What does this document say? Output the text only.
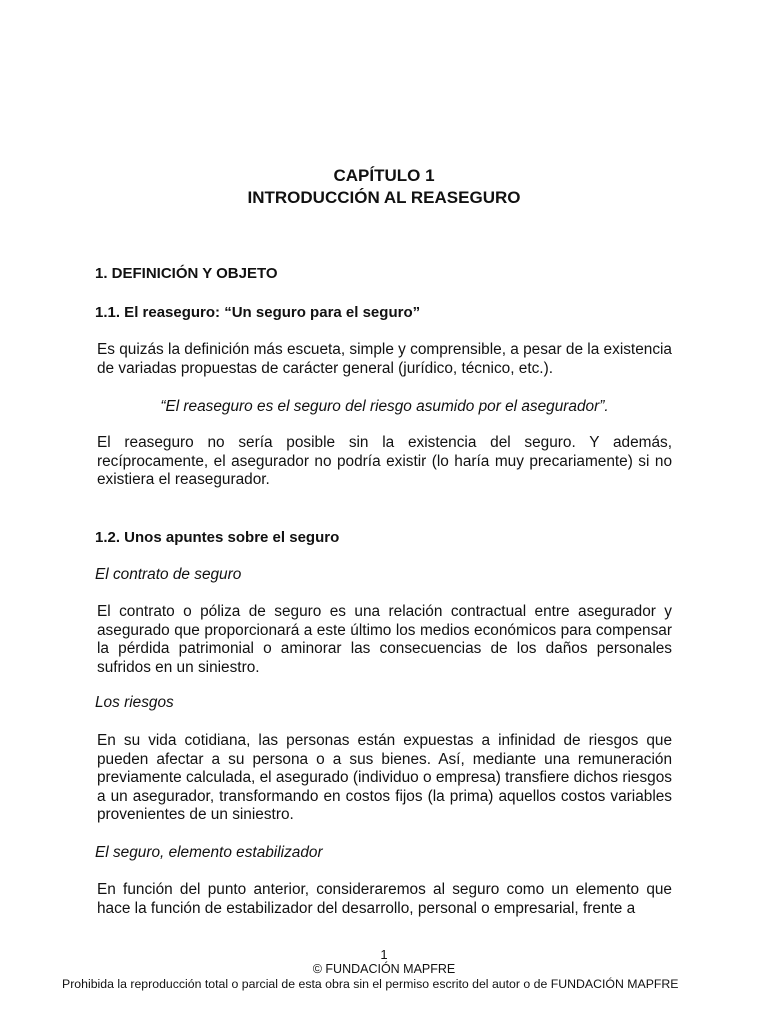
CAPÍTULO 1
INTRODUCCIÓN AL REASEGURO
1. DEFINICIÓN Y OBJETO
1.1. El reaseguro: “Un seguro para el seguro”
Es quizás la definición más escueta, simple y comprensible, a pesar de la existencia de variadas propuestas de carácter general (jurídico, técnico, etc.).
“El reaseguro es el seguro del riesgo asumido por el asegurador”.
El reaseguro no sería posible sin la existencia del seguro. Y además, recíprocamente, el asegurador no podría existir (lo haría muy precariamente) si no existiera el reasegurador.
1.2. Unos apuntes sobre el seguro
El contrato de seguro
El contrato o póliza de seguro es una relación contractual entre asegurador y asegurado que proporcionará a este último los medios económicos para compensar la pérdida patrimonial o aminorar las consecuencias de los daños personales sufridos en un siniestro.
Los riesgos
En su vida cotidiana, las personas están expuestas a infinidad de riesgos que pueden afectar a su persona o a sus bienes. Así, mediante una remuneración previamente calculada, el asegurado (individuo o empresa) transfiere dichos riesgos a un asegurador, transformando en costos fijos (la prima) aquellos costos variables provenientes de un siniestro.
El seguro, elemento estabilizador
En función del punto anterior, consideraremos al seguro como un elemento que hace la función de estabilizador del desarrollo, personal o empresarial, frente a
1
© FUNDACIÓN MAPFRE
Prohibida la reproducción total o parcial de esta obra sin el permiso escrito del autor o de FUNDACIÓN MAPFRE
